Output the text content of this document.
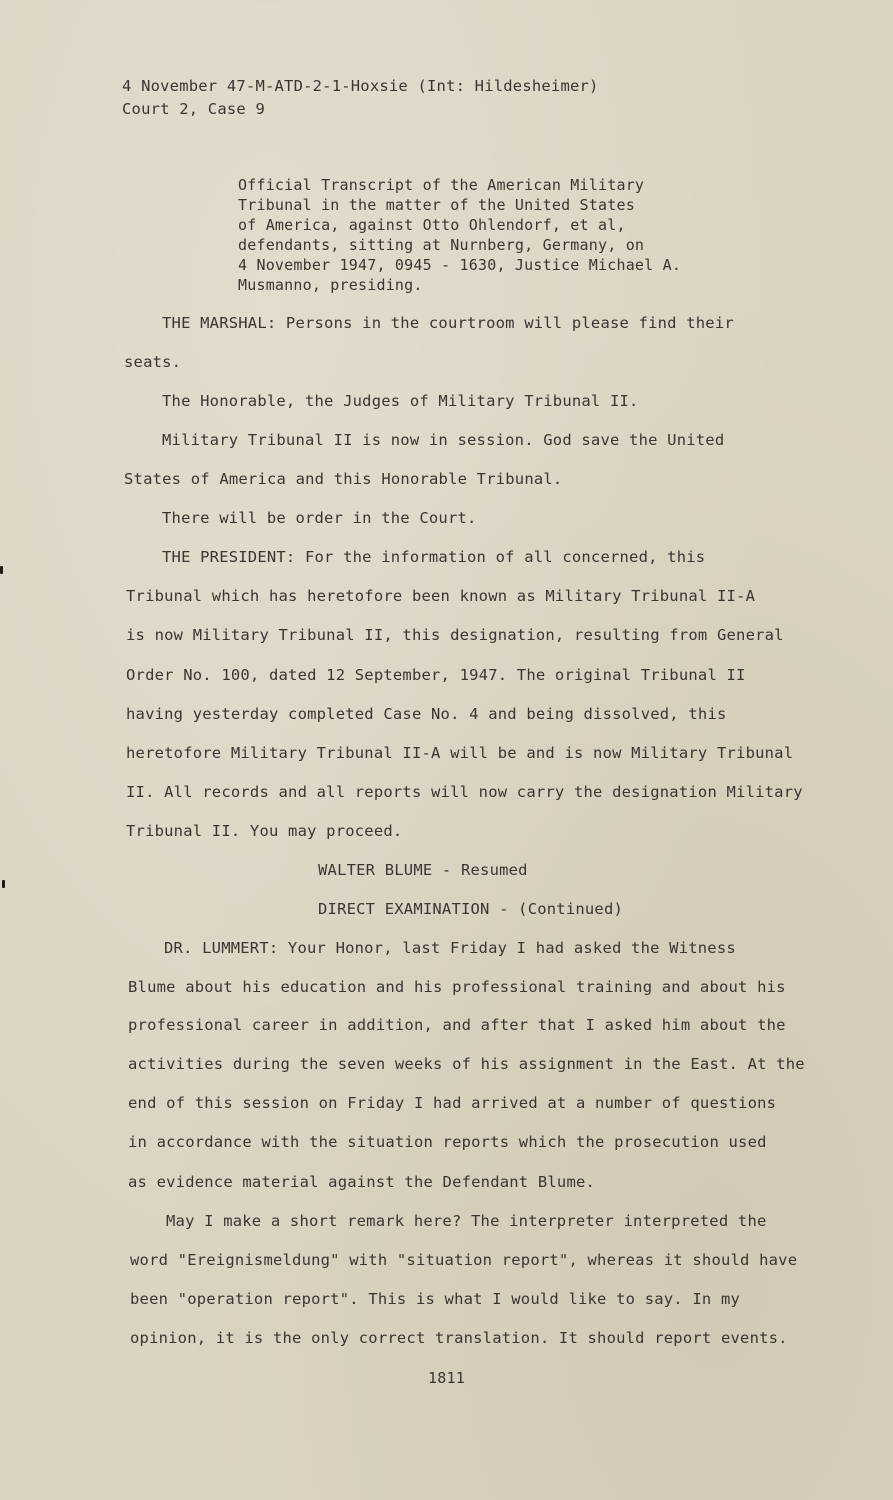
4 November 47-M-ATD-2-1-Hoxsie (Int: Hildesheimer)
Court 2, Case 9
Official Transcript of the American Military
Tribunal in the matter of the United States
of America, against Otto Ohlendorf, et al,
defendants, sitting at Nurnberg, Germany, on
4 November 1947, 0945 - 1630, Justice Michael A.
Musmanno, presiding.
THE MARSHAL: Persons in the courtroom will please find their
seats.
The Honorable, the Judges of Military Tribunal II.
Military Tribunal II is now in session. God save the United
States of America and this Honorable Tribunal.
There will be order in the Court.
THE PRESIDENT: For the information of all concerned, this
Tribunal which has heretofore been known as Military Tribunal II-A
is now Military Tribunal II, this designation, resulting from General
Order No. 100, dated 12 September, 1947. The original Tribunal II
having yesterday completed Case No. 4 and being dissolved, this
heretofore Military Tribunal II-A will be and is now Military Tribunal
II. All records and all reports will now carry the designation Military
Tribunal II. You may proceed.
WALTER BLUME - Resumed
DIRECT EXAMINATION - (Continued)
DR. LUMMERT: Your Honor, last Friday I had asked the Witness
Blume about his education and his professional training and about his
professional career in addition, and after that I asked him about the
activities during the seven weeks of his assignment in the East. At the
end of this session on Friday I had arrived at a number of questions
in accordance with the situation reports which the prosecution used
as evidence material against the Defendant Blume.
May I make a short remark here? The interpreter interpreted the
word "Ereignismeldung" with "situation report", whereas it should have
been "operation report". This is what I would like to say. In my
opinion, it is the only correct translation. It should report events.
1811
